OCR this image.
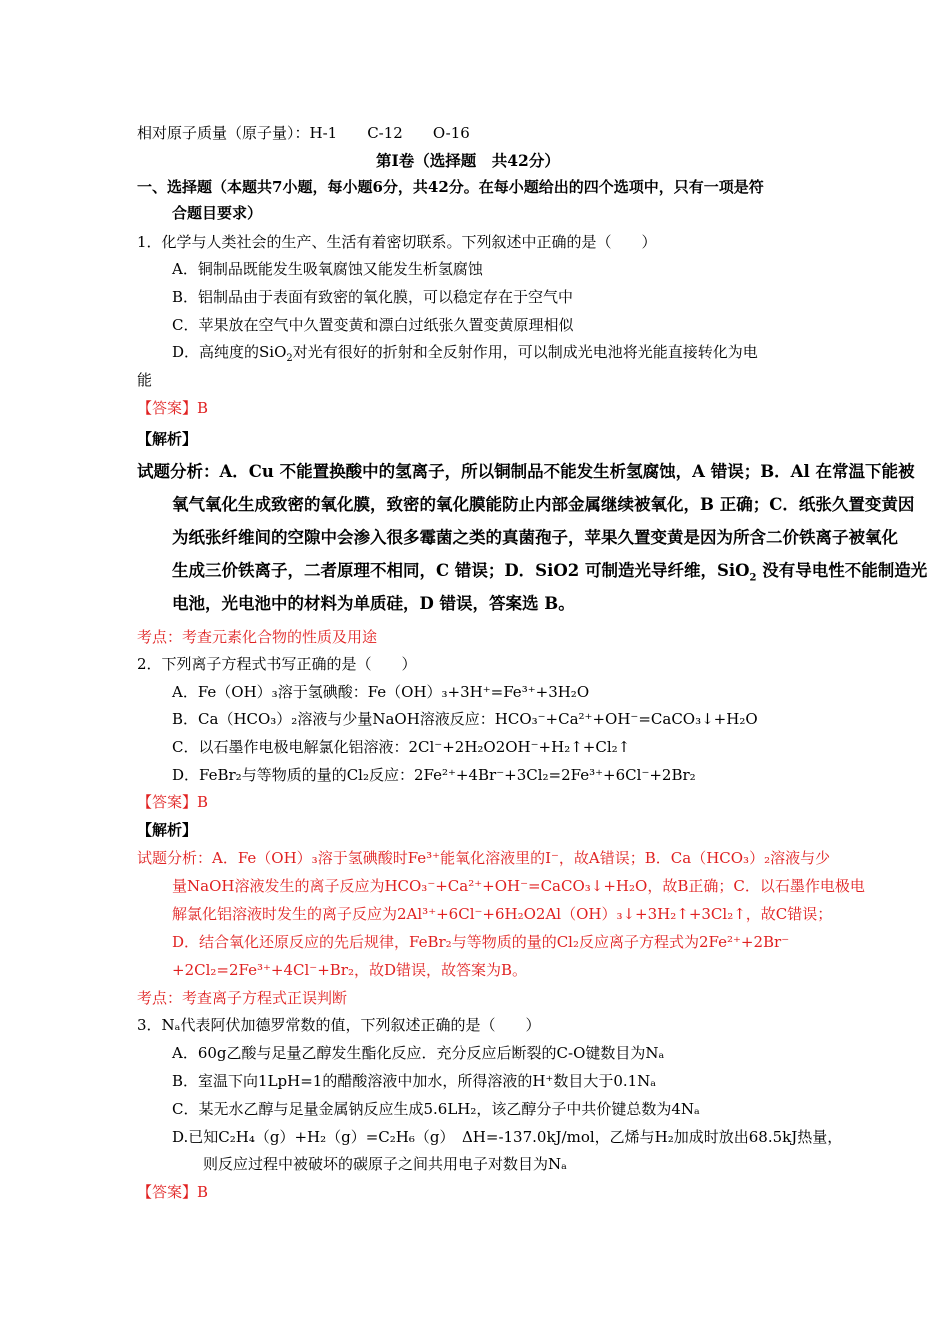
相对原子质量（原子量）：H-1　　C-12　　O-16
第Ⅰ卷（选择题　共42分）
一、选择题（本题共7小题，每小题6分，共42分。在每小题给出的四个选项中，只有一项是符
合题目要求）
1．化学与人类社会的生产、生活有着密切联系。下列叙述中正确的是（　　）
A．铜制品既能发生吸氧腐蚀又能发生析氢腐蚀
B．铝制品由于表面有致密的氧化膜，可以稳定存在于空气中
C．苹果放在空气中久置变黄和漂白过纸张久置变黄原理相似
D．高纯度的SiO$_2$对光有很好的折射和全反射作用，可以制成光电池将光能直接转化为电
能
【答案】B
【解析】
试题分析：A．Cu 不能置换酸中的氢离子，所以铜制品不能发生析氢腐蚀，A 错误；B．Al 在常温下能被
氧气氧化生成致密的氧化膜，致密的氧化膜能防止内部金属继续被氧化，B 正确；C．纸张久置变黄因
为纸张纤维间的空隙中会渗入很多霉菌之类的真菌孢子，苹果久置变黄是因为所含二价铁离子被氧化
生成三价铁离子，二者原理不相同，C 错误；D．SiO2 可制造光导纤维，SiO$_2$ 没有导电性不能制造光
电池，光电池中的材料为单质硅，D 错误，答案选 B。
考点：考查元素化合物的性质及用途
2．下列离子方程式书写正确的是（　　）
A．Fe（OH）₃溶于氢碘酸：Fe（OH）₃+3H⁺=Fe³⁺+3H₂O
B．Ca（HCO₃）₂溶液与少量NaOH溶液反应：HCO₃⁻+Ca²⁺+OH⁻=CaCO₃↓+H₂O
C．以石墨作电极电解氯化铝溶液：2Cl⁻+2H₂O2OH⁻+H₂↑+Cl₂↑
D．FeBr₂与等物质的量的Cl₂反应：2Fe²⁺+4Br⁻+3Cl₂=2Fe³⁺+6Cl⁻+2Br₂
【答案】B
【解析】
试题分析：A．Fe（OH）₃溶于氢碘酸时Fe³⁺能氧化溶液里的Ⅰ⁻，故A错误；B．Ca（HCO₃）₂溶液与少
量NaOH溶液发生的离子反应为HCO₃⁻+Ca²⁺+OH⁻=CaCO₃↓+H₂O，故B正确；C．以石墨作电极电
解氯化铝溶液时发生的离子反应为2Al³⁺+6Cl⁻+6H₂O2Al（OH）₃↓+3H₂↑+3Cl₂↑，故C错误；
D．结合氧化还原反应的先后规律，FeBr₂与等物质的量的Cl₂反应离子方程式为2Fe²⁺+2Br⁻
+2Cl₂=2Fe³⁺+4Cl⁻+Br₂，故D错误，故答案为B。
考点：考查离子方程式正误判断
3．Nₐ代表阿伏加德罗常数的值，下列叙述正确的是（　　）
A．60g乙酸与足量乙醇发生酯化反应．充分反应后断裂的C-O键数目为Nₐ
B．室温下向1LpH=1的醋酸溶液中加水，所得溶液的H⁺数目大于0.1Nₐ
C．某无水乙醇与足量金属钠反应生成5.6LH₂，该乙醇分子中共价键总数为4Nₐ
D.已知C₂H₄（g）+H₂（g）=C₂H₆（g）　ΔH=-137.0kJ/mol，乙烯与H₂加成时放出68.5kJ热量，
则反应过程中被破坏的碳原子之间共用电子对数目为Nₐ
【答案】B
